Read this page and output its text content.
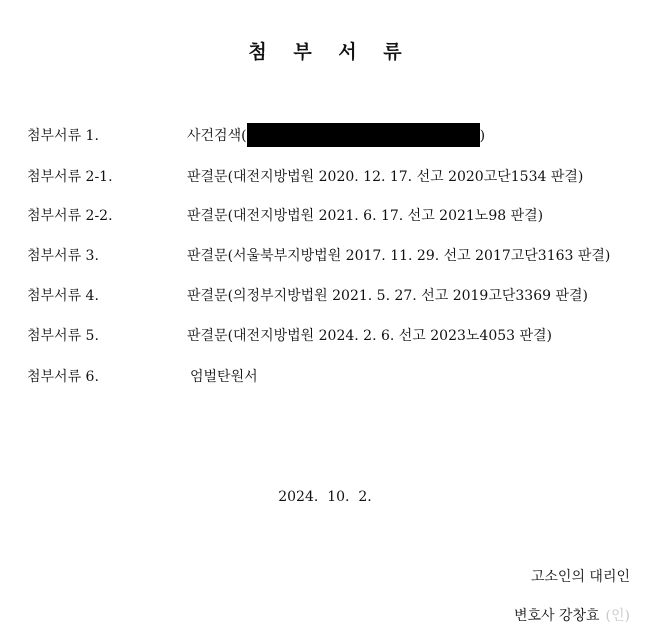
첨 부 서 류
첨부서류 1.	사건검색(	)
첨부서류 2-1.	판결문(대전지방법원 2020. 12. 17. 선고 2020고단1534 판결)
첨부서류 2-2.	판결문(대전지방법원 2021. 6. 17. 선고 2021노98 판결)
첨부서류 3.	판결문(서울북부지방법원 2017. 11. 29. 선고 2017고단3163 판결)
첨부서류 4.	판결문(의정부지방법원 2021. 5. 27. 선고 2019고단3369 판결)
첨부서류 5.	판결문(대전지방법원 2024. 2. 6. 선고 2023노4053 판결)
첨부서류 6.	엄벌탄원서
2024.  10.  2.
고소인의 대리인
변호사 강창효 (인)
